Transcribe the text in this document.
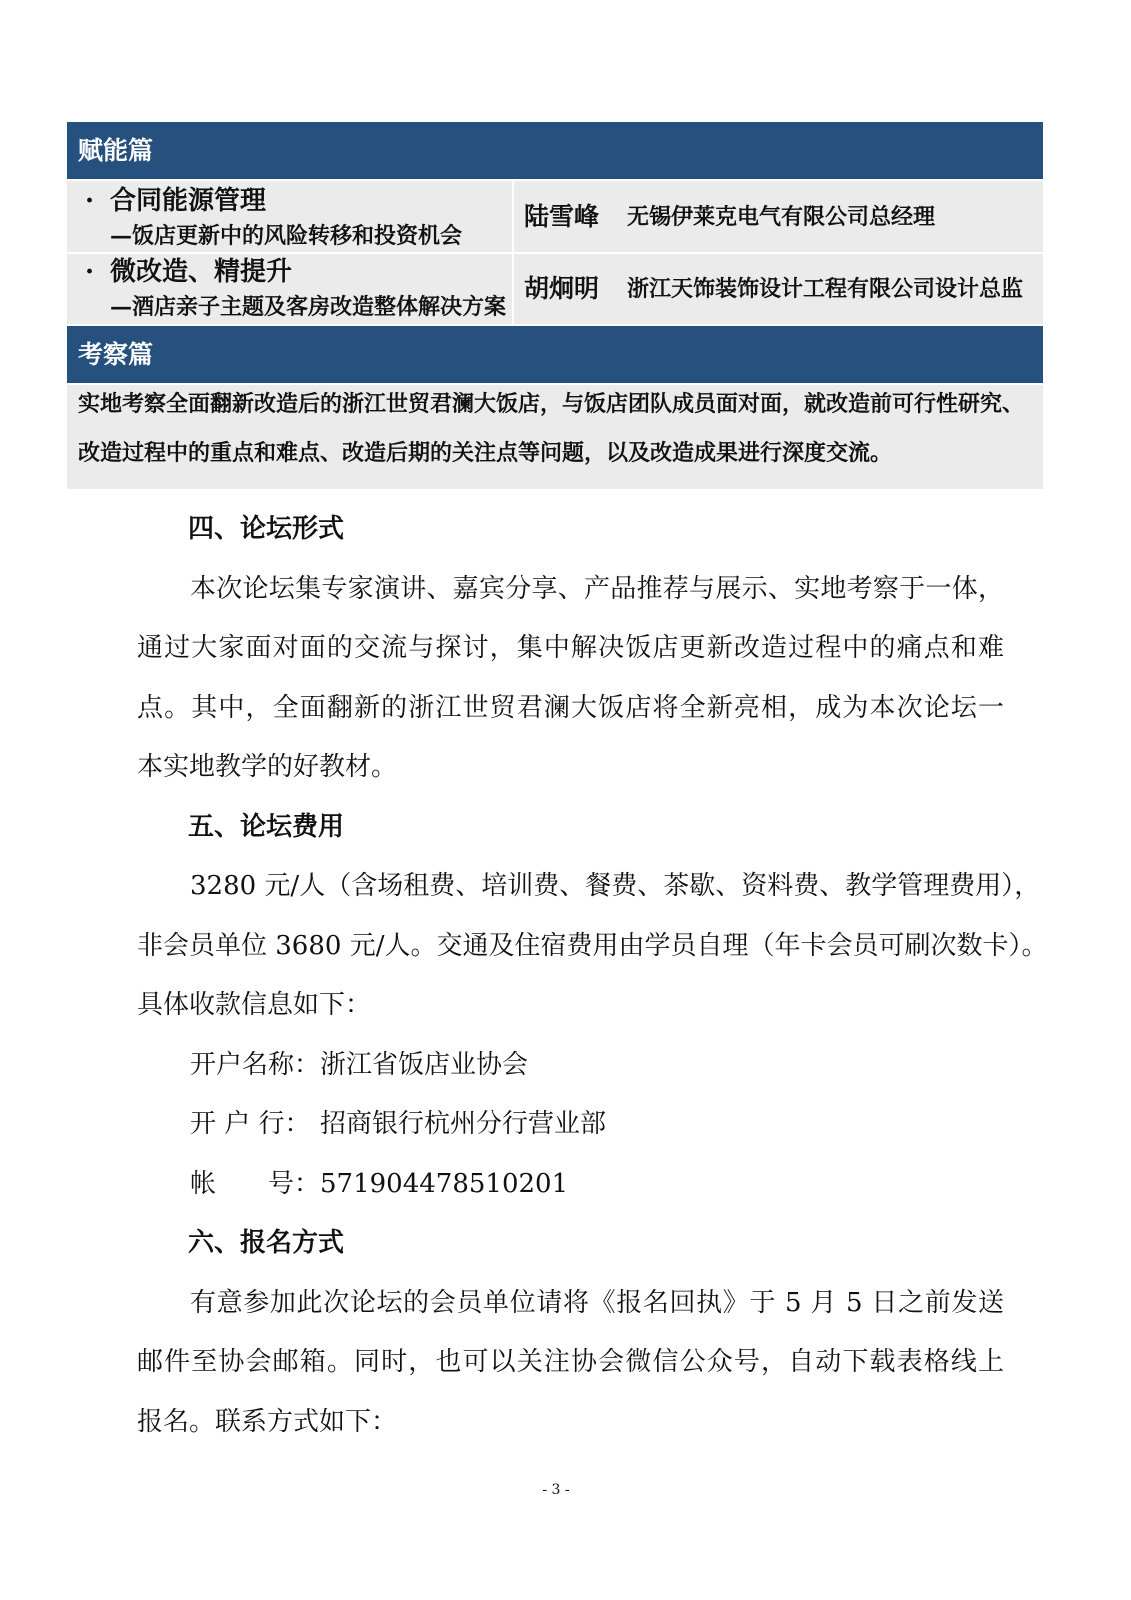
赋能篇
· 合同能源管理
—饭店更新中的风险转移和投资机会
陆雪峰 无锡伊莱克电气有限公司总经理
· 微改造、精提升
—酒店亲子主题及客房改造整体解决方案
胡炯明 浙江天饰装饰设计工程有限公司设计总监
考察篇
实地考察全面翻新改造后的浙江世贸君澜大饭店，与饭店团队成员面对面，就改造前可行性研究、
改造过程中的重点和难点、改造后期的关注点等问题，以及改造成果进行深度交流。
四、论坛形式
本次论坛集专家演讲、嘉宾分享、产品推荐与展示、实地考察于一体，
通过大家面对面的交流与探讨，集中解决饭店更新改造过程中的痛点和难
点。其中，全面翻新的浙江世贸君澜大饭店将全新亮相，成为本次论坛一
本实地教学的好教材。
五、论坛费用
3280 元/人（含场租费、培训费、餐费、茶歇、资料费、教学管理费用），
非会员单位 3680 元/人。交通及住宿费用由学员自理（年卡会员可刷次数卡）。
具体收款信息如下：
开户名称：浙江省饭店业协会
开 户 行： 招商银行杭州分行营业部
帐　　号：571904478510201
六、报名方式
有意参加此次论坛的会员单位请将《报名回执》于 5 月 5 日之前发送
邮件至协会邮箱。同时，也可以关注协会微信公众号，自动下载表格线上
报名。联系方式如下：
- 3 -
